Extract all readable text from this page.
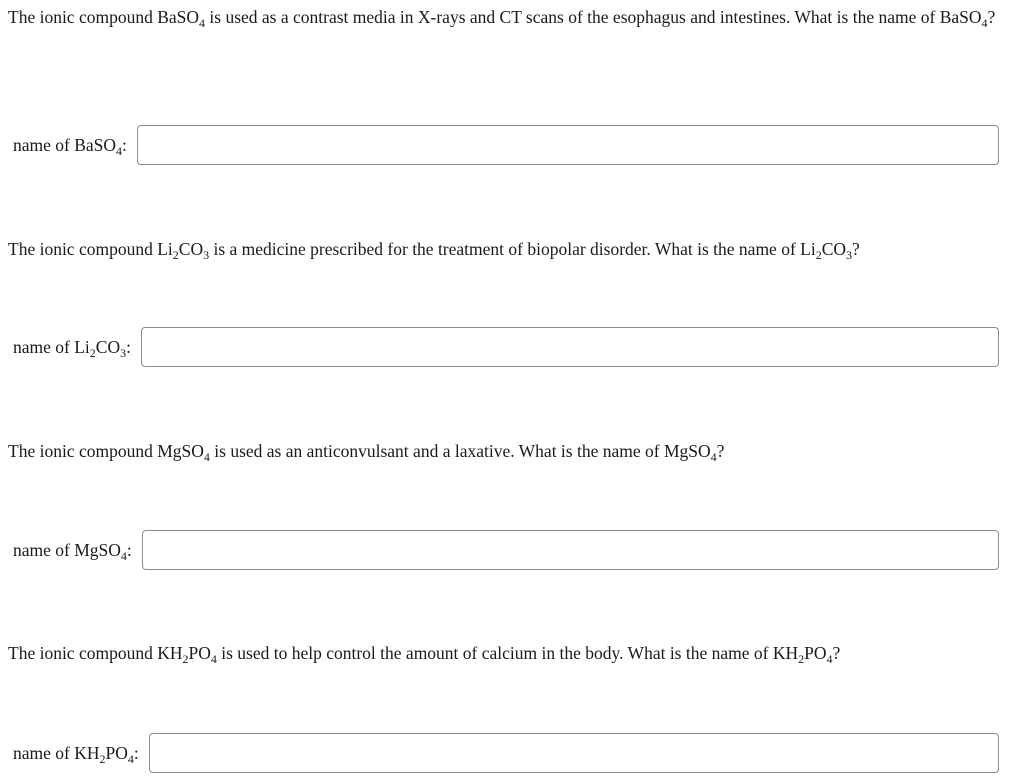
The ionic compound BaSO$_4$ is used as a contrast media in X-rays and CT scans of the esophagus and intestines. What is the name of BaSO$_4$?

name of BaSO$_4$:

The ionic compound $Li_2CO_3$ is a medicine prescribed for the treatment of biopolar disorder. What is the name of $Li_2CO_3$?

name of $Li_2CO_3$:

The ionic compound MgSO$_4$ is used as an anticonvulsant and a laxative. What is the name of MgSO$_4$?

name of MgSO$_4$:

The ionic compound $KH_2PO_4$ is used to help control the amount of calcium in the body. What is the name of $KH_2PO_4$?

name of $KH_2PO_4$:
